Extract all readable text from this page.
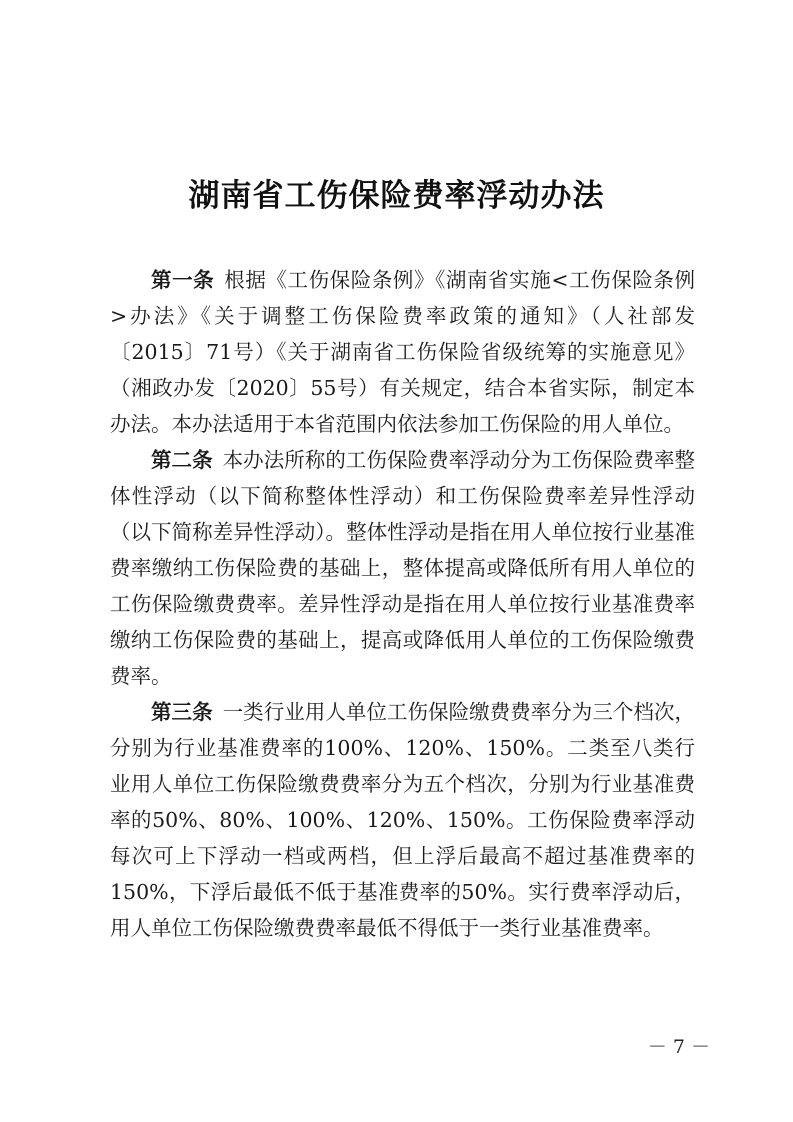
湖南省工伤保险费率浮动办法

第一条 根据《工伤保险条例》《湖南省实施<工伤保险条例>办法》《关于调整工伤保险费率政策的通知》（人社部发〔2015〕71号）《关于湖南省工伤保险省级统筹的实施意见》（湘政办发〔2020〕55号）有关规定，结合本省实际，制定本办法。本办法适用于本省范围内依法参加工伤保险的用人单位。

第二条 本办法所称的工伤保险费率浮动分为工伤保险费率整体性浮动（以下简称整体性浮动）和工伤保险费率差异性浮动（以下简称差异性浮动）。整体性浮动是指在用人单位按行业基准费率缴纳工伤保险费的基础上，整体提高或降低所有用人单位的工伤保险缴费费率。差异性浮动是指在用人单位按行业基准费率缴纳工伤保险费的基础上，提高或降低用人单位的工伤保险缴费费率。

第三条 一类行业用人单位工伤保险缴费费率分为三个档次，分别为行业基准费率的100%、120%、150%。二类至八类行业用人单位工伤保险缴费费率分为五个档次，分别为行业基准费率的50%、80%、100%、120%、150%。工伤保险费率浮动每次可上下浮动一档或两档，但上浮后最高不超过基准费率的150%，下浮后最低不低于基准费率的50%。实行费率浮动后，用人单位工伤保险缴费费率最低不得低于一类行业基准费率。

－ 7 －
